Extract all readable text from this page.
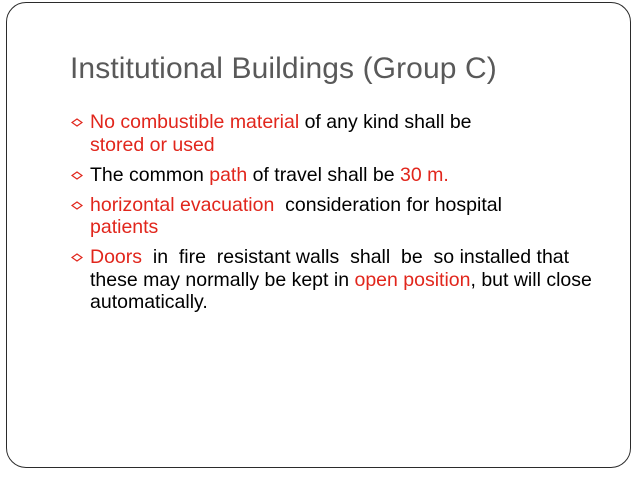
Institutional Buildings (Group C)
No combustible material of any kind shall be
stored or used
The common path of travel shall be 30 m.
horizontal evacuation  consideration for hospital
patients
Doors  in  fire  resistant walls  shall  be  so installed that these may normally be kept in open position, but will close automatically.
